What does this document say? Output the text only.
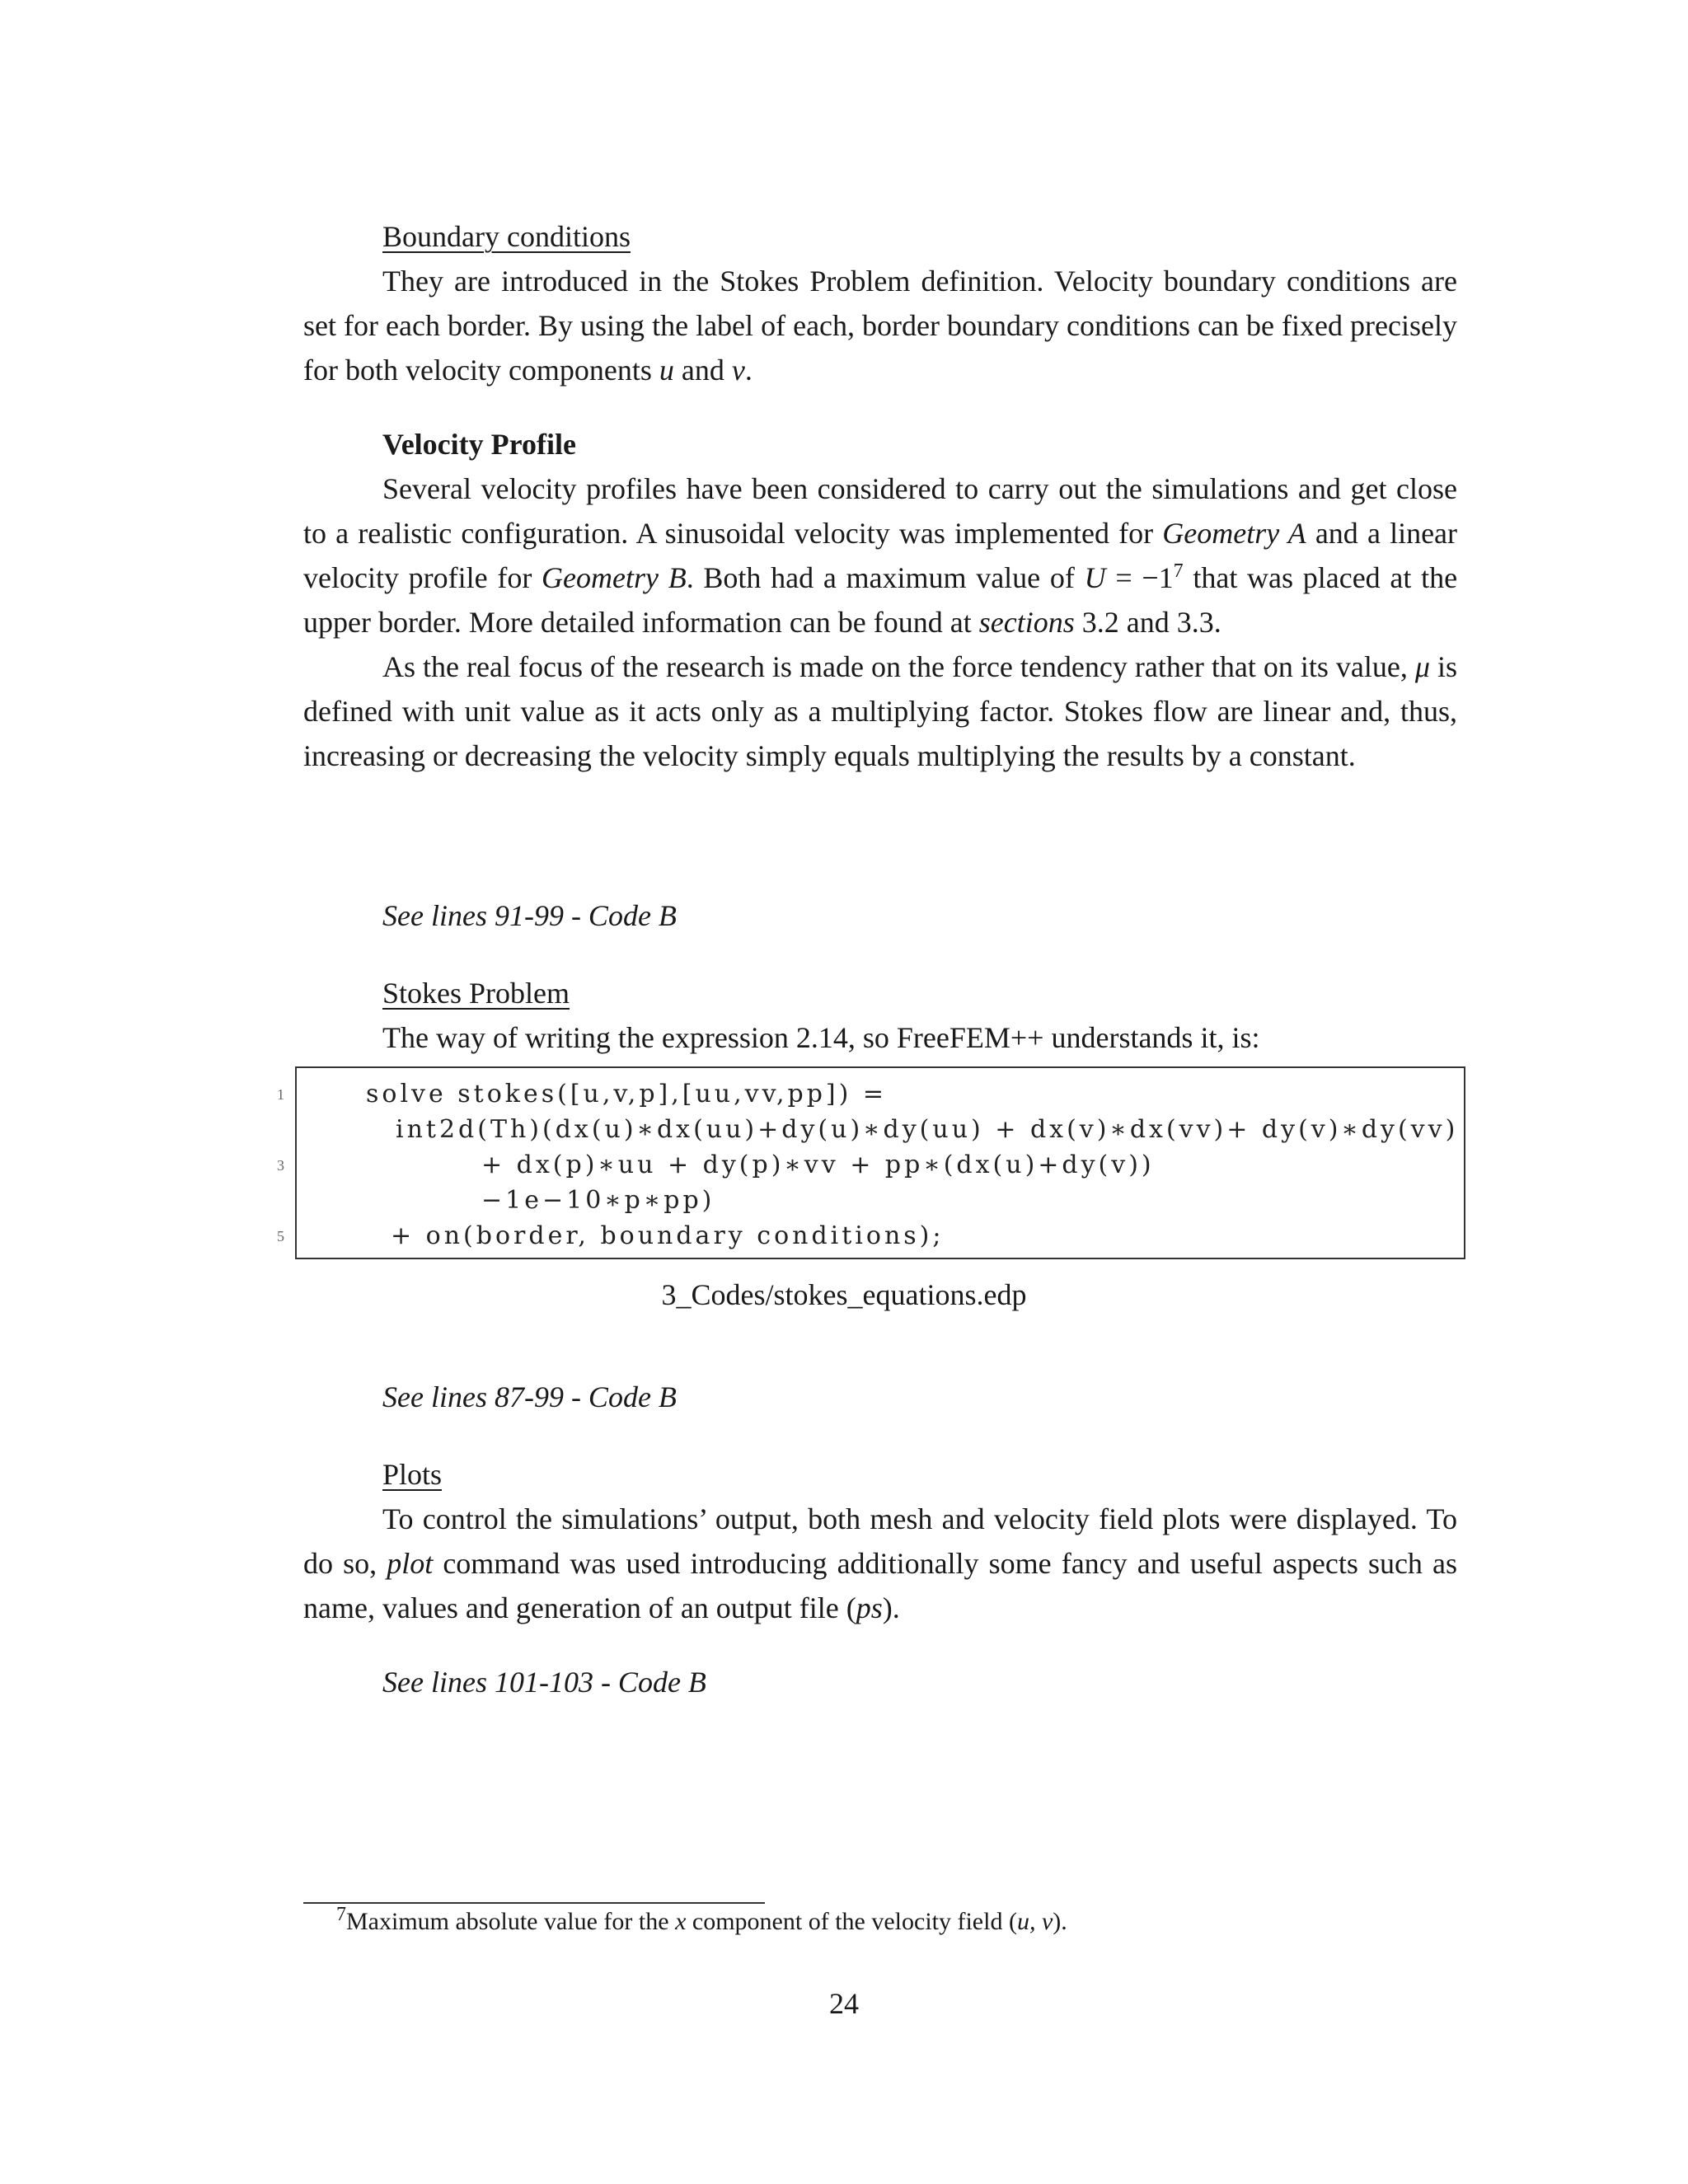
Boundary conditions

They are introduced in the Stokes Problem definition. Velocity boundary conditions are set for each border. By using the label of each, border boundary conditions can be fixed precisely for both velocity components u and v.

Velocity Profile

Several velocity profiles have been considered to carry out the simulations and get close to a realistic configuration. A sinusoidal velocity was implemented for Geometry A and a linear velocity profile for Geometry B. Both had a maximum value of $U = -1^7$ that was placed at the upper border. More detailed information can be found at sections 3.2 and 3.3.

As the real focus of the research is made on the force tendency rather that on its value, μ is defined with unit value as it acts only as a multiplying factor. Stokes flow are linear and, thus, increasing or decreasing the velocity simply equals multiplying the results by a constant.

See lines 91-99 - Code B

Stokes Problem

The way of writing the expression 2.14, so FreeFEM++ understands it, is:

solve stokes([u,v,p],[uu,vv,pp]) =
int2d(Th)(dx(u)∗dx(uu)+dy(u)∗dy(uu) + dx(v)∗dx(vv)+ dy(v)∗dy(vv)
+ dx(p)∗uu + dy(p)∗vv + pp∗(dx(u)+dy(v))
−1e−10∗p∗pp)
+ on(border, boundary conditions);
1
3
5
3_Codes/stokes_equations.edp

See lines 87-99 - Code B

Plots

To control the simulations’ output, both mesh and velocity field plots were displayed. To do so, plot command was used introducing additionally some fancy and useful aspects such as name, values and generation of an output file (ps).

See lines 101-103 - Code B

$^7$Maximum absolute value for the x component of the velocity field (u, v).
24
